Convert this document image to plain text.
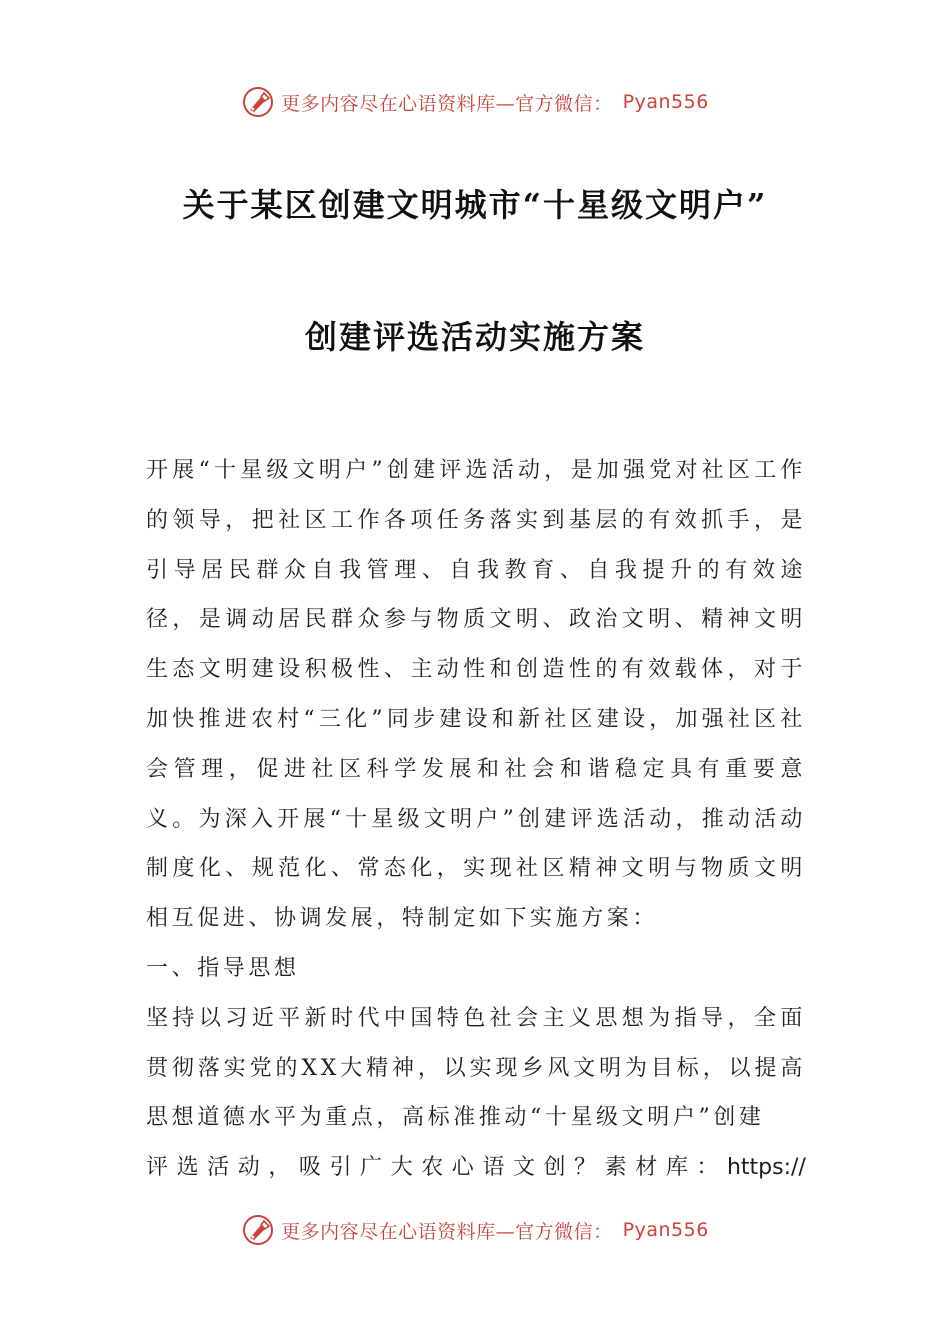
更多内容尽在心语资料库—官方微信： Pyan556
关于某区创建文明城市“十星级文明户”
创建评选活动实施方案

开展“十星级文明户”创建评选活动，是加强党对社区工作的领导，把社区工作各项任务落实到基层的有效抓手，是引导居民群众自我管理、自我教育、自我提升的有效途径，是调动居民群众参与物质文明、政治文明、精神文明生态文明建设积极性、主动性和创造性的有效载体，对于加快推进农村“三化”同步建设和新社区建设，加强社区社会管理，促进社区科学发展和社会和谐稳定具有重要意义。为深入开展“十星级文明户”创建评选活动，推动活动制度化、规范化、常态化，实现社区精神文明与物质文明相互促进、协调发展，特制定如下实施方案：

一、指导思想

坚持以习近平新时代中国特色社会主义思想为指导，全面贯彻落实党的XX大精神，以实现乡风文明为目标，以提高思想道德水平为重点，高标准推动“十星级文明户”创建

评 选 活 动 ， 吸 引 广 大 农 心 语 文 创 ？ 素 材 库 ： https://
更多内容尽在心语资料库—官方微信： Pyan556
